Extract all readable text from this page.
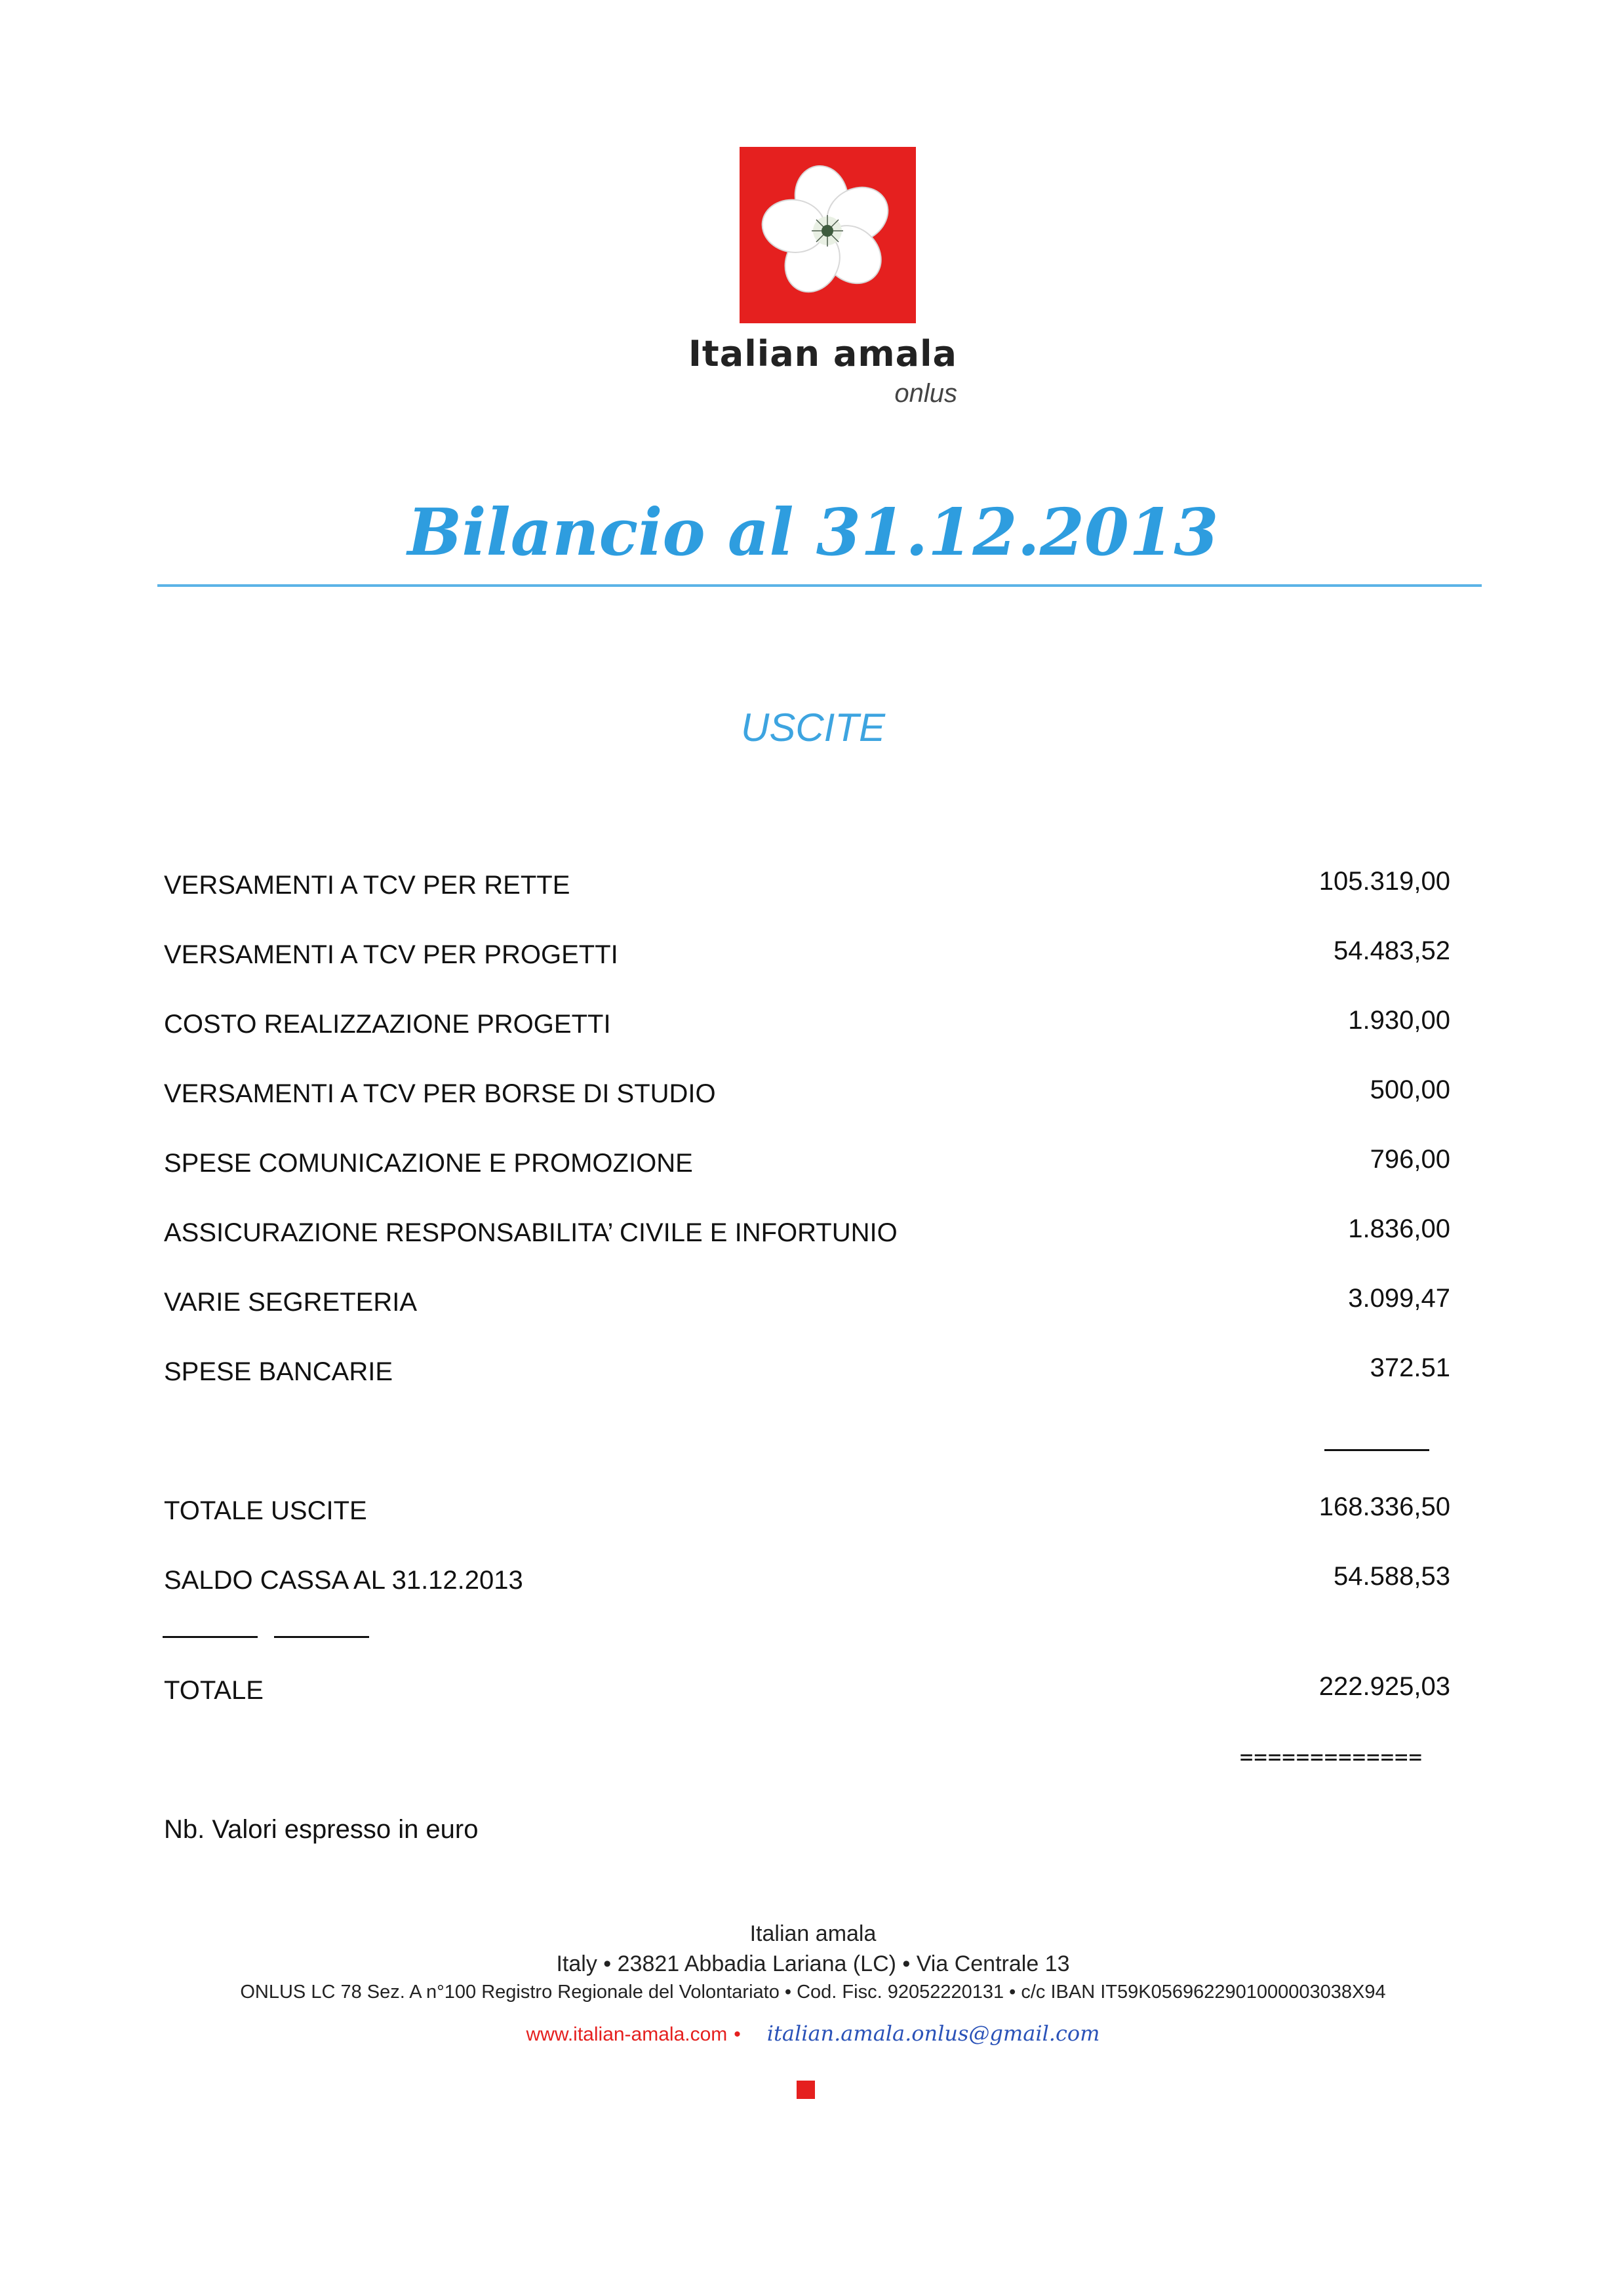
Italian amala
onlus
Bilancio al 31.12.2013
USCITE
VERSAMENTI A TCV PER RETTE	105.319,00
VERSAMENTI A TCV PER PROGETTI	54.483,52
COSTO REALIZZAZIONE PROGETTI	1.930,00
VERSAMENTI A TCV PER BORSE DI STUDIO	500,00
SPESE COMUNICAZIONE E PROMOZIONE	796,00
ASSICURAZIONE RESPONSABILITA’ CIVILE E INFORTUNIO	1.836,00
VARIE SEGRETERIA	3.099,47
SPESE BANCARIE	372.51
TOTALE USCITE	168.336,50
SALDO CASSA AL 31.12.2013	54.588,53
TOTALE	222.925,03
=============
Nb. Valori espresso in euro
Italian amala
Italy • 23821 Abbadia Lariana (LC) • Via Centrale 13
ONLUS LC 78 Sez. A n°100 Registro Regionale del Volontariato • Cod. Fisc. 92052220131 • c/c IBAN IT59K0569622901000003038X94
www.italian-amala.com • italian.amala.onlus@gmail.com
